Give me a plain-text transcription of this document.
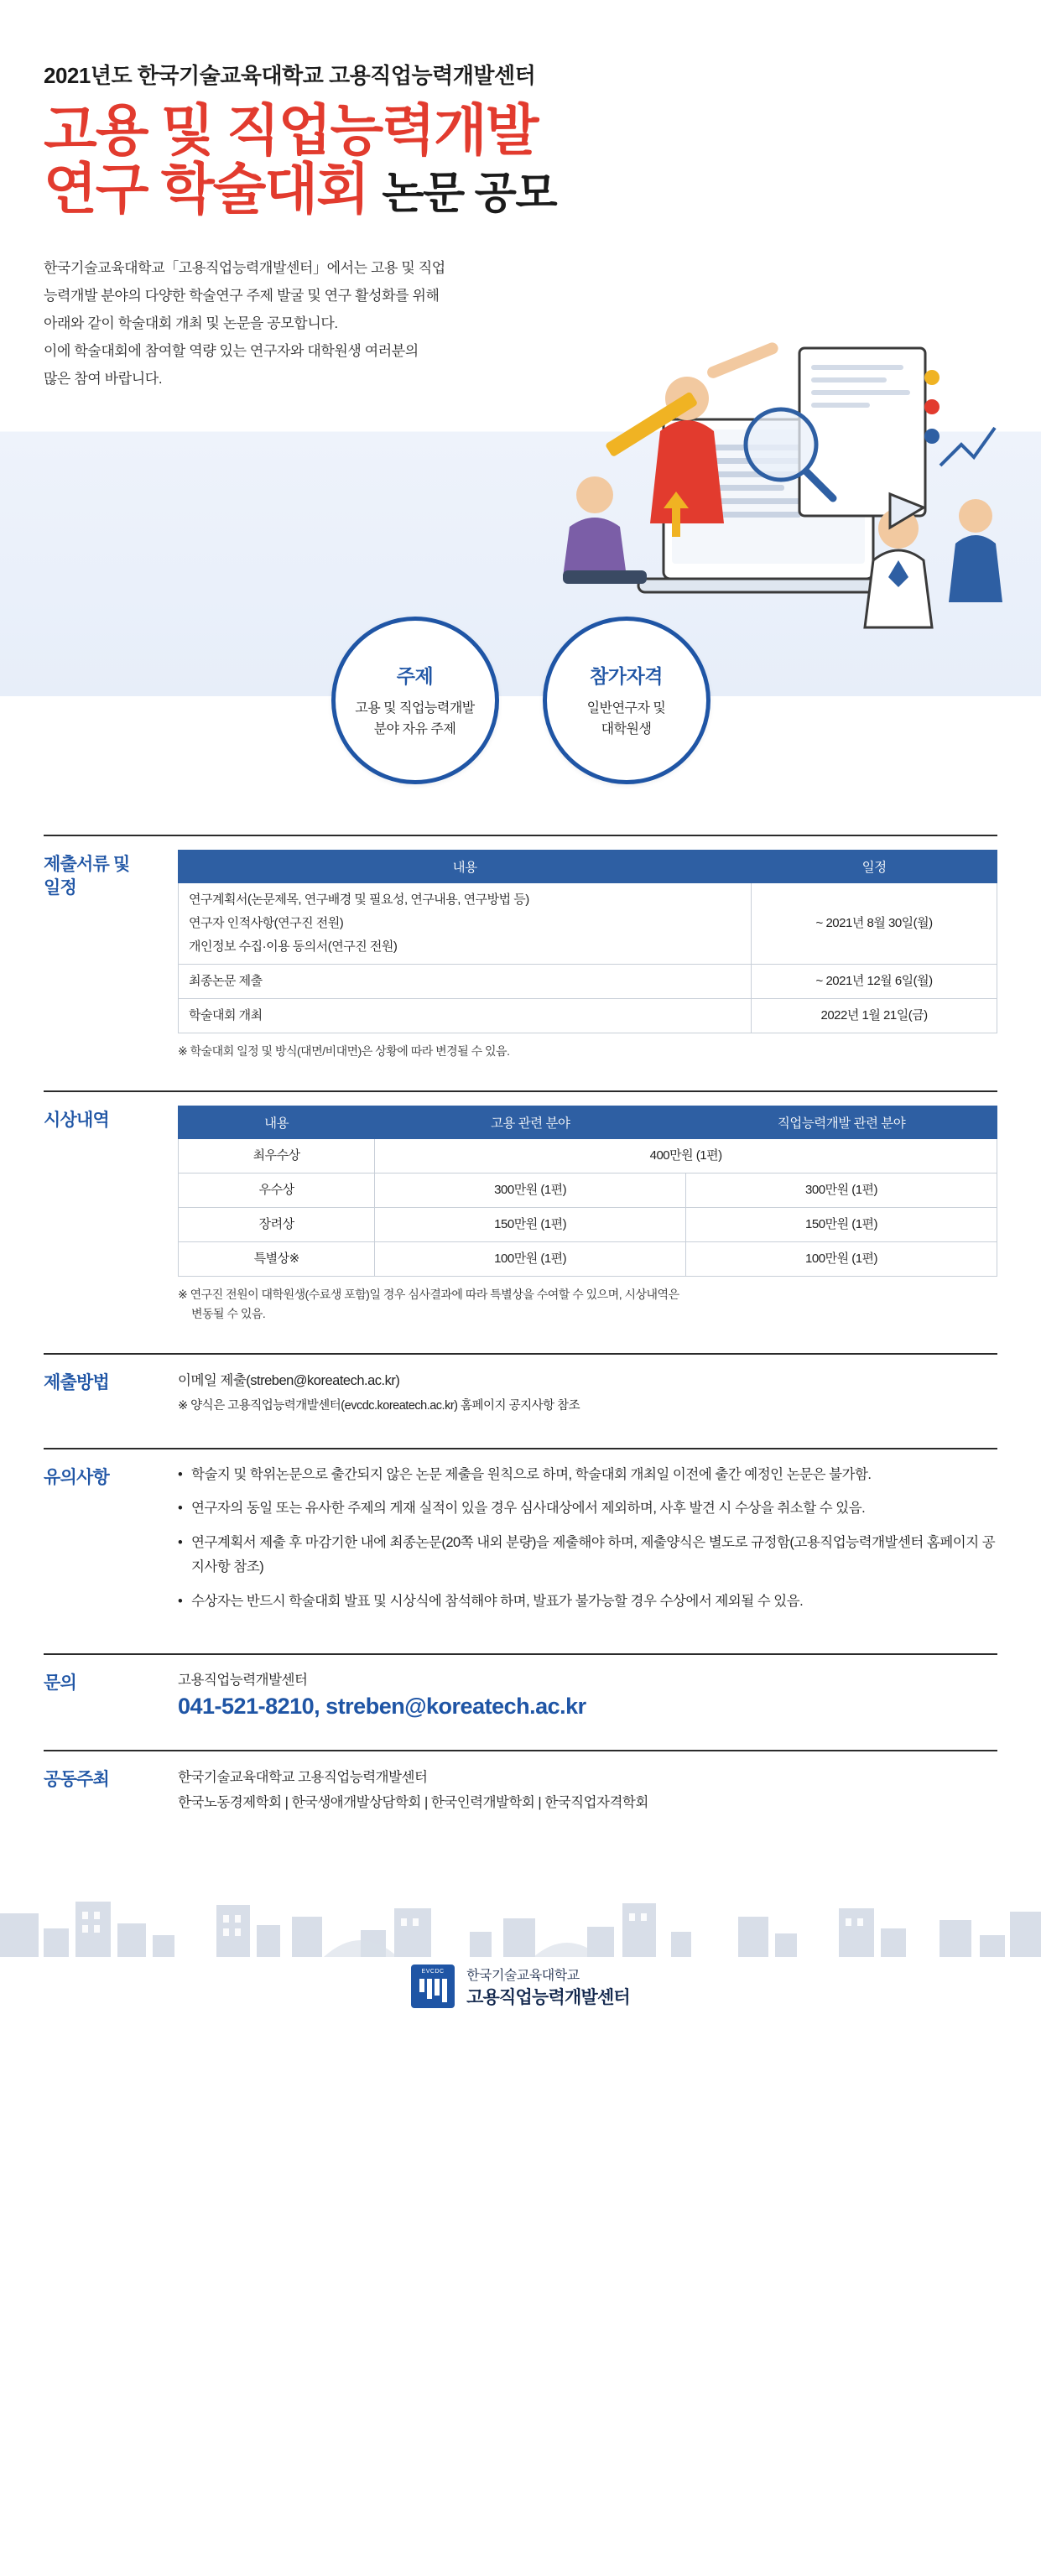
2021년도 한국기술교육대학교 고용직업능력개발센터
고용 및 직업능력개발
연구 학술대회 논문 공모
한국기술교육대학교「고용직업능력개발센터」에서는 고용 및 직업
능력개발 분야의 다양한 학술연구 주제 발굴 및 연구 활성화를 위해
아래와 같이 학술대회 개최 및 논문을 공모합니다.
이에 학술대회에 참여할 역량 있는 연구자와 대학원생 여러분의
많은 참여 바랍니다.
주제
고용 및 직업능력개발
분야 자유 주제
참가자격
일반연구자 및
대학원생
제출서류 및
일정
내용	일정
연구계획서(논문제목, 연구배경 및 필요성, 연구내용, 연구방법 등)	~ 2021년 8월 30일(월)
연구자 인적사항(연구진 전원)	
개인정보 수집·이용 동의서(연구진 전원)	
최종논문 제출	~ 2021년 12월 6일(월)
학술대회 개최	2022년 1월 21일(금)
※ 학술대회 일정 및 방식(대면/비대면)은 상황에 따라 변경될 수 있음.
시상내역	내용	고용 관련 분야	직업능력개발 관련 분야
최우수상	400만원 (1편)	
우수상	300만원 (1편)	300만원 (1편)
장려상	150만원 (1편)	150만원 (1편)
특별상※	100만원 (1편)	100만원 (1편)
※ 연구진 전원이 대학원생(수료생 포함)일 경우 심사결과에 따라 특별상을 수여할 수 있으며, 시상내역은
변동될 수 있음.
제출방법	이메일 제출(streben@koreatech.ac.kr)
※ 양식은 고용직업능력개발센터(evcdc.koreatech.ac.kr) 홈페이지 공지사항 참조
유의사항	• 학술지 및 학위논문으로 출간되지 않은 논문 제출을 원칙으로 하며, 학술대회 개최일 이전에 출간 예정인 논문은 불가함.
• 연구자의 동일 또는 유사한 주제의 게재 실적이 있을 경우 심사대상에서 제외하며, 사후 발견 시 수상을 취소할 수 있음.
• 연구계획서 제출 후 마감기한 내에 최종논문(20쪽 내외 분량)을 제출해야 하며, 제출양식은 별도로 규정함(고용직업능력개발센터 홈페이지 공지사항 참조)
• 수상자는 반드시 학술대회 발표 및 시상식에 참석해야 하며, 발표가 불가능할 경우 수상에서 제외될 수 있음.
문의	고용직업능력개발센터
041-521-8210, streben@koreatech.ac.kr
공동주최	한국기술교육대학교 고용직업능력개발센터
한국노동경제학회 | 한국생애개발상담학회 | 한국인력개발학회 | 한국직업자격학회
EVCDC	한국기술교육대학교
고용직업능력개발센터
